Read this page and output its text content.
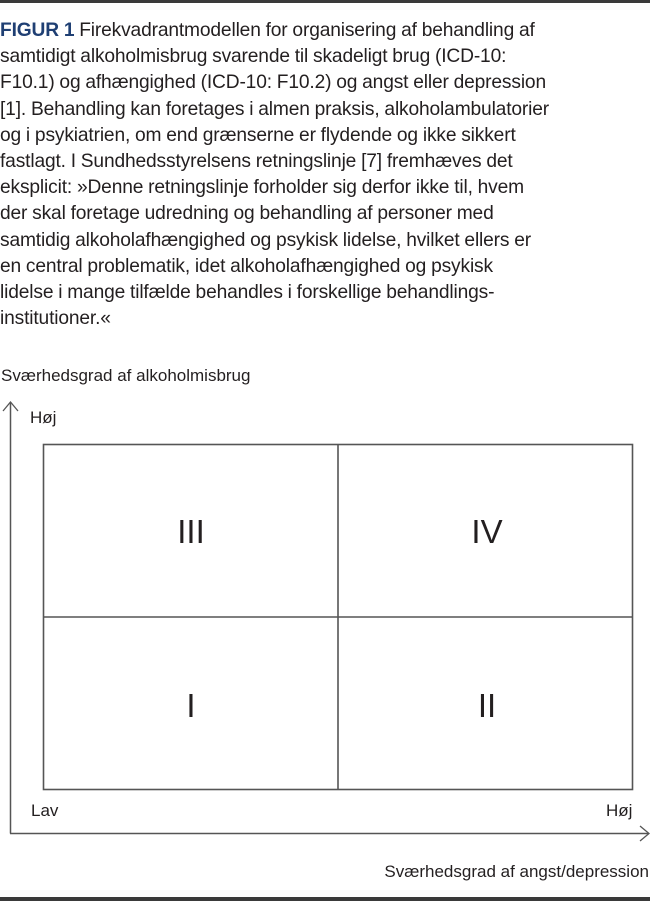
FIGUR 1 Firekvadrantmodellen for organisering af behandling af
samtidigt alkoholmisbrug svarende til skadeligt brug (ICD-10:
F10.1) og afhængighed (ICD-10: F10.2) og angst eller depression
[1]. Behandling kan foretages i almen praksis, alkoholambulatorier
og i psykiatrien, om end grænserne er flydende og ikke sikkert
fastlagt. I Sundhedsstyrelsens retningslinje [7] fremhæves det
eksplicit: »Denne retningslinje forholder sig derfor ikke til, hvem
der skal foretage udredning og behandling af personer med
samtidig alkoholafhængighed og psykisk lidelse, hvilket ellers er
en central problematik, idet alkoholafhængighed og psykisk
lidelse i mange tilfælde behandles i forskellige behandlings-
institutioner.«
Sværhedsgrad af alkoholmisbrug
Høj
III	IV
I	II
Lav	Høj
Sværhedsgrad af angst/depression
